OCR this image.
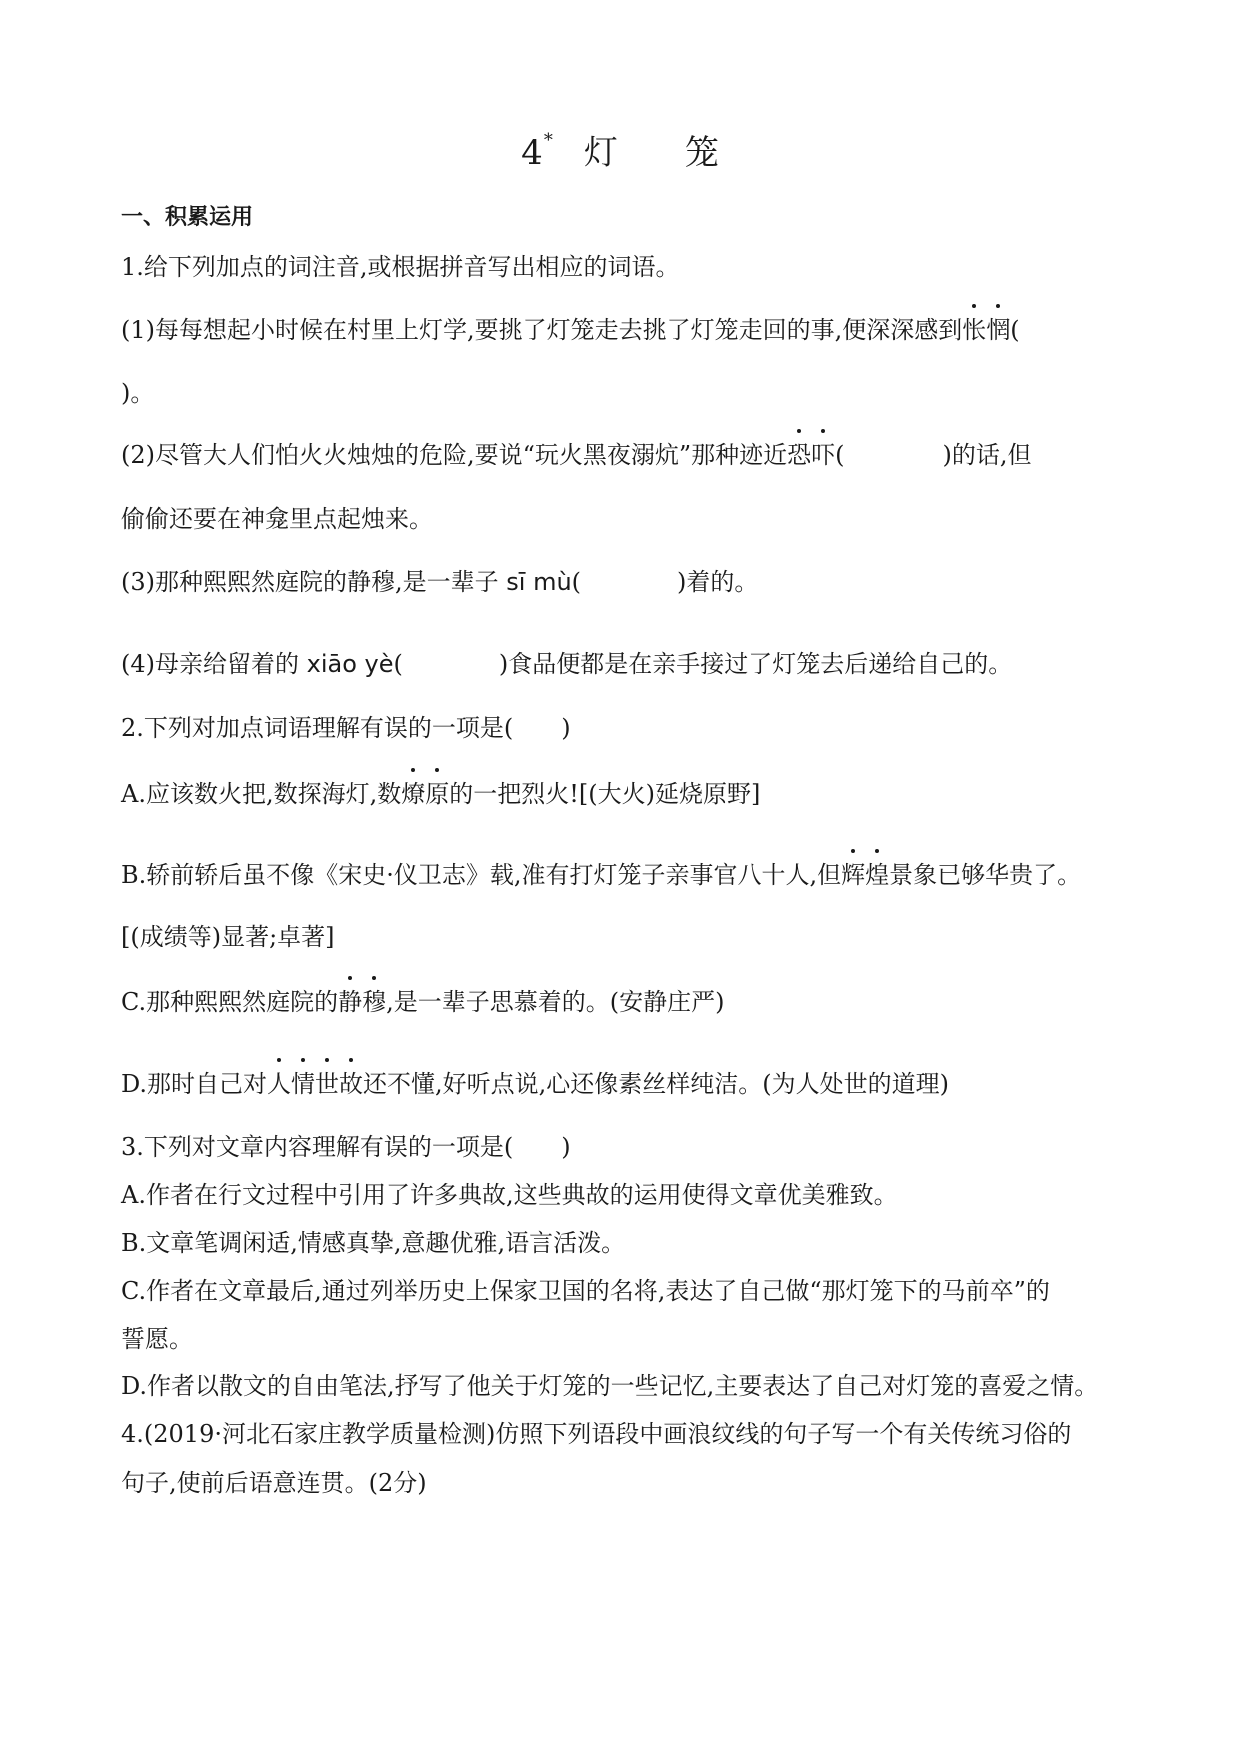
4* 灯 笼
一、积累运用
1.给下列加点的词注音,或根据拼音写出相应的词语。
(1)每每想起小时候在村里上灯学,要挑了灯笼走去挑了灯笼走回的事,便深深感到怅惘(
)。
(2)尽管大人们怕火火烛烛的危险,要说“玩火黑夜溺炕”那种迹近恐吓(	)的话,但
偷偷还要在神龛里点起烛来。
(3)那种熙熙然庭院的静穆,是一辈子 sī mù(	)着的。
(4)母亲给留着的 xiāo yè(	)食品便都是在亲手接过了灯笼去后递给自己的。
2.下列对加点词语理解有误的一项是(　　)
A.应该数火把,数探海灯,数燎原的一把烈火![(大火)延烧原野]
B.轿前轿后虽不像《宋史·仪卫志》载,准有打灯笼子亲事官八十人,但辉煌景象已够华贵了。
[(成绩等)显著;卓著]
C.那种熙熙然庭院的静穆,是一辈子思慕着的。(安静庄严)
D.那时自己对人情世故还不懂,好听点说,心还像素丝样纯洁。(为人处世的道理)
3.下列对文章内容理解有误的一项是(　　)
A.作者在行文过程中引用了许多典故,这些典故的运用使得文章优美雅致。
B.文章笔调闲适,情感真挚,意趣优雅,语言活泼。
C.作者在文章最后,通过列举历史上保家卫国的名将,表达了自己做“那灯笼下的马前卒”的
誓愿。
D.作者以散文的自由笔法,抒写了他关于灯笼的一些记忆,主要表达了自己对灯笼的喜爱之情。
4.(2019·河北石家庄教学质量检测)仿照下列语段中画浪纹线的句子写一个有关传统习俗的
句子,使前后语意连贯。(2分)
